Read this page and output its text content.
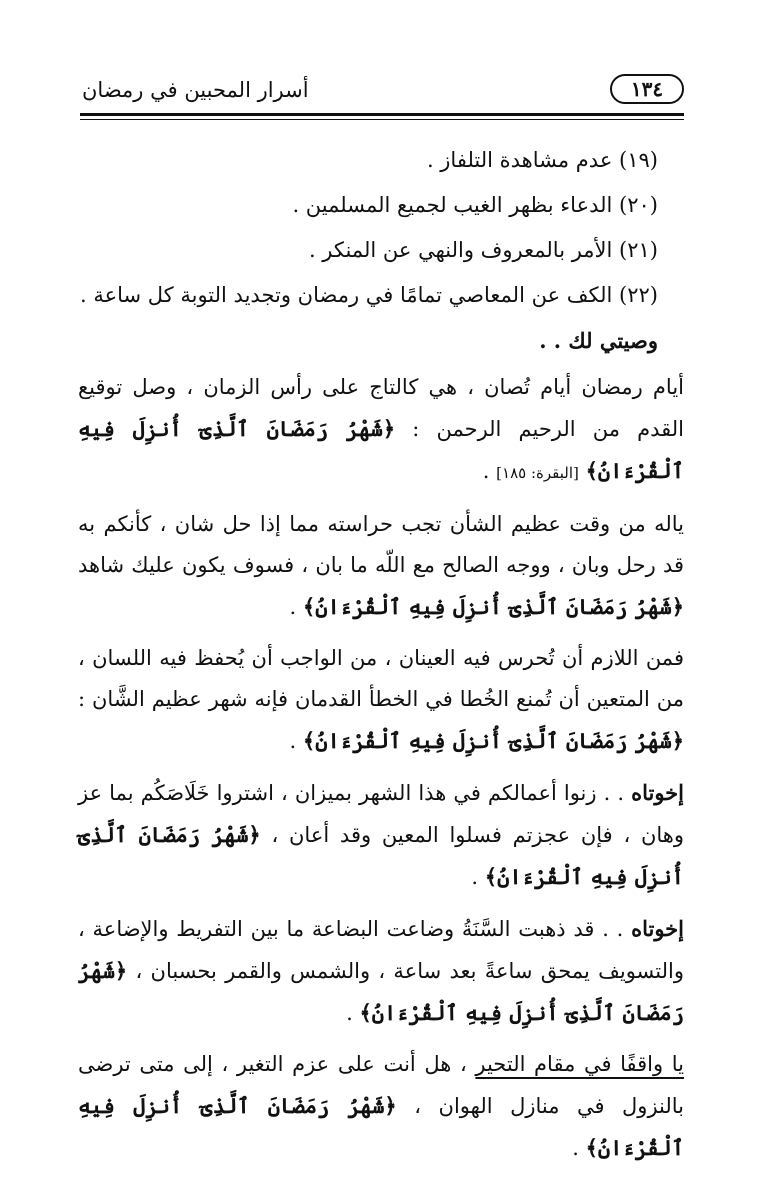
١٣٤
أسرار المحبين في رمضان
(١٩) عدم مشاهدة التلفاز .
(٢٠) الدعاء بظهر الغيب لجميع المسلمين .
(٢١) الأمر بالمعروف والنهي عن المنكر .
(٢٢) الكف عن المعاصي تمامًا في رمضان وتجديد التوبة كل ساعة .
وصيتي لك . .

أيام رمضان أيام تُصان ، هي كالتاج على رأس الزمان ، وصل توقيع القدم من الرحيم الرحمن : ﴿شَهْرُ رَمَضَانَ ٱلَّذِىٓ أُنزِلَ فِيهِ ٱلْقُرْءَانُ﴾ [البقرة: ١٨٥] .

ياله من وقت عظيم الشأن تجب حراسته مما إذا حل شان ، كأنكم به قد رحل وبان ، ووجه الصالح مع اللّه ما بان ، فسوف يكون عليك شاهد ﴿شَهْرُ رَمَضَانَ ٱلَّذِىٓ أُنزِلَ فِيهِ ٱلْقُرْءَانُ﴾ .

فمن اللازم أن تُحرس فيه العينان ، من الواجب أن يُحفظ فيه اللسان ، من المتعين أن تُمنع الخُطا في الخطأ القدمان فإنه شهر عظيم الشَّان : ﴿شَهْرُ رَمَضَانَ ٱلَّذِىٓ أُنزِلَ فِيهِ ٱلْقُرْءَانُ﴾ .

إخوتاه . . زنوا أعمالكم في هذا الشهر بميزان ، اشتروا خَلَاصَكُم بما عز وهان ، فإن عجزتم فسلوا المعين وقد أعان ، ﴿شَهْرُ رَمَضَانَ ٱلَّذِىٓ أُنزِلَ فِيهِ ٱلْقُرْءَانُ﴾ .

إخوتاه . . قد ذهبت السَّنَةُ وضاعت البضاعة ما بين التفريط والإضاعة ، والتسويف يمحق ساعةً بعد ساعة ، والشمس والقمر بحسبان ، ﴿شَهْرُ رَمَضَانَ ٱلَّذِىٓ أُنزِلَ فِيهِ ٱلْقُرْءَانُ﴾ .

يا واقفًا في مقام التحير ، هل أنت على عزم التغير ، إلى متى ترضى بالنزول في منازل الهوان ، ﴿شَهْرُ رَمَضَانَ ٱلَّذِىٓ أُنزِلَ فِيهِ ٱلْقُرْءَانُ﴾ .
